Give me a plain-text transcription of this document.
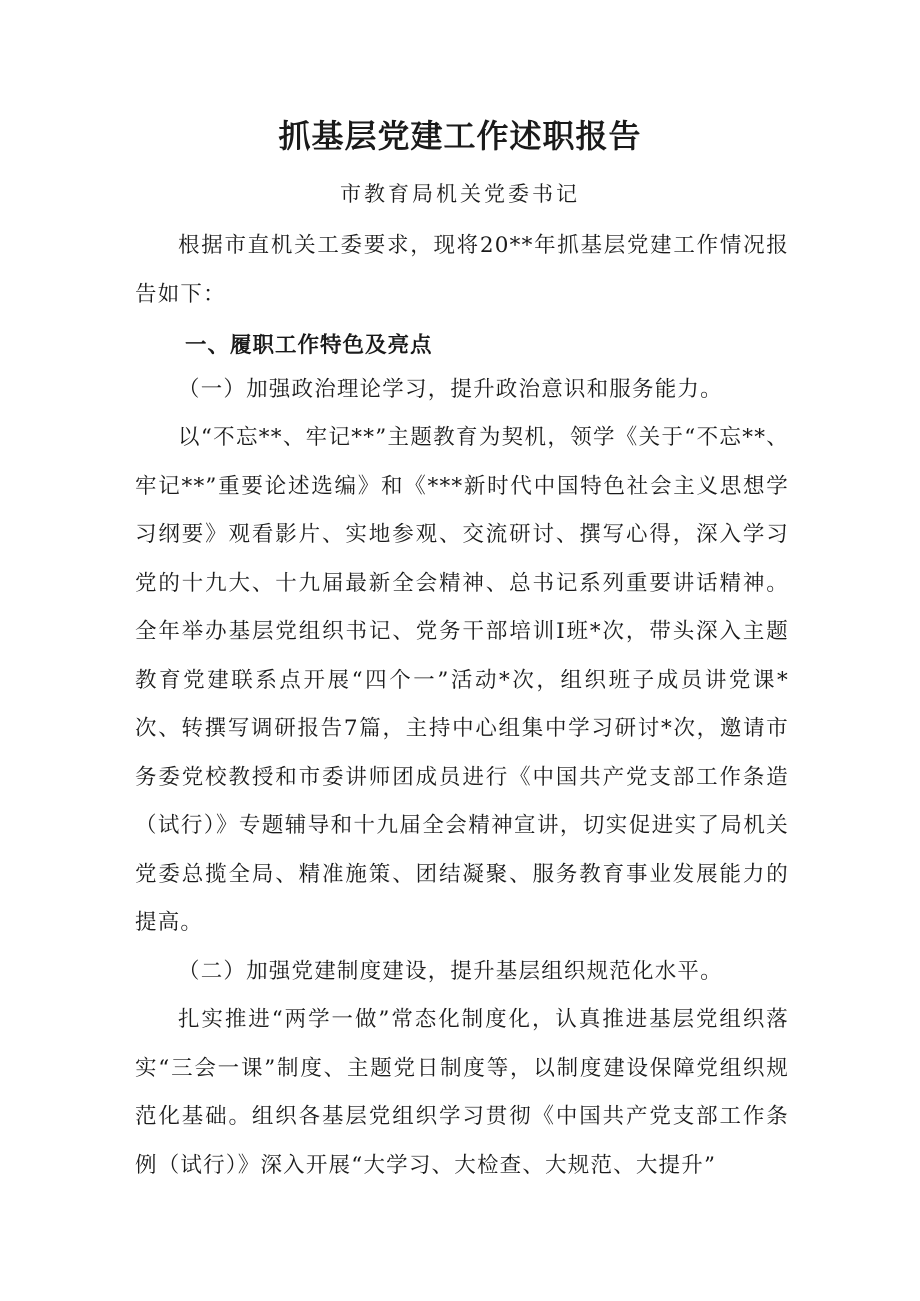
抓基层党建工作述职报告
市教育局机关党委书记
根据市直机关工委要求，现将20**年抓基层党建工作情况报告如下：
一、履职工作特色及亮点
（一）加强政治理论学习，提升政治意识和服务能力。
以“不忘**、牢记**”主题教育为契机，领学《关于“不忘**、牢记**”重要论述选编》和《***新时代中国特色社会主义思想学习纲要》观看影片、实地参观、交流研讨、撰写心得，深入学习党的十九大、十九届最新全会精神、总书记系列重要讲话精神。全年举办基层党组织书记、党务干部培训I班*次，带头深入主题教育党建联系点开展“四个一”活动*次，组织班子成员讲党课*次、转撰写调研报告7篇，主持中心组集中学习研讨*次，邀请市务委党校教授和市委讲师团成员进行《中国共产党支部工作条造（试行）》专题辅导和十九届全会精神宣讲，切实促进实了局机关党委总揽全局、精准施策、团结凝聚、服务教育事业发展能力的提高。
（二）加强党建制度建设，提升基层组织规范化水平。
扎实推进“两学一做”常态化制度化，认真推进基层党组织落实“三会一课”制度、主题党日制度等，以制度建设保障党组织规范化基础。组织各基层党组织学习贯彻《中国共产党支部工作条例（试行）》深入开展“大学习、大检查、大规范、大提升”
